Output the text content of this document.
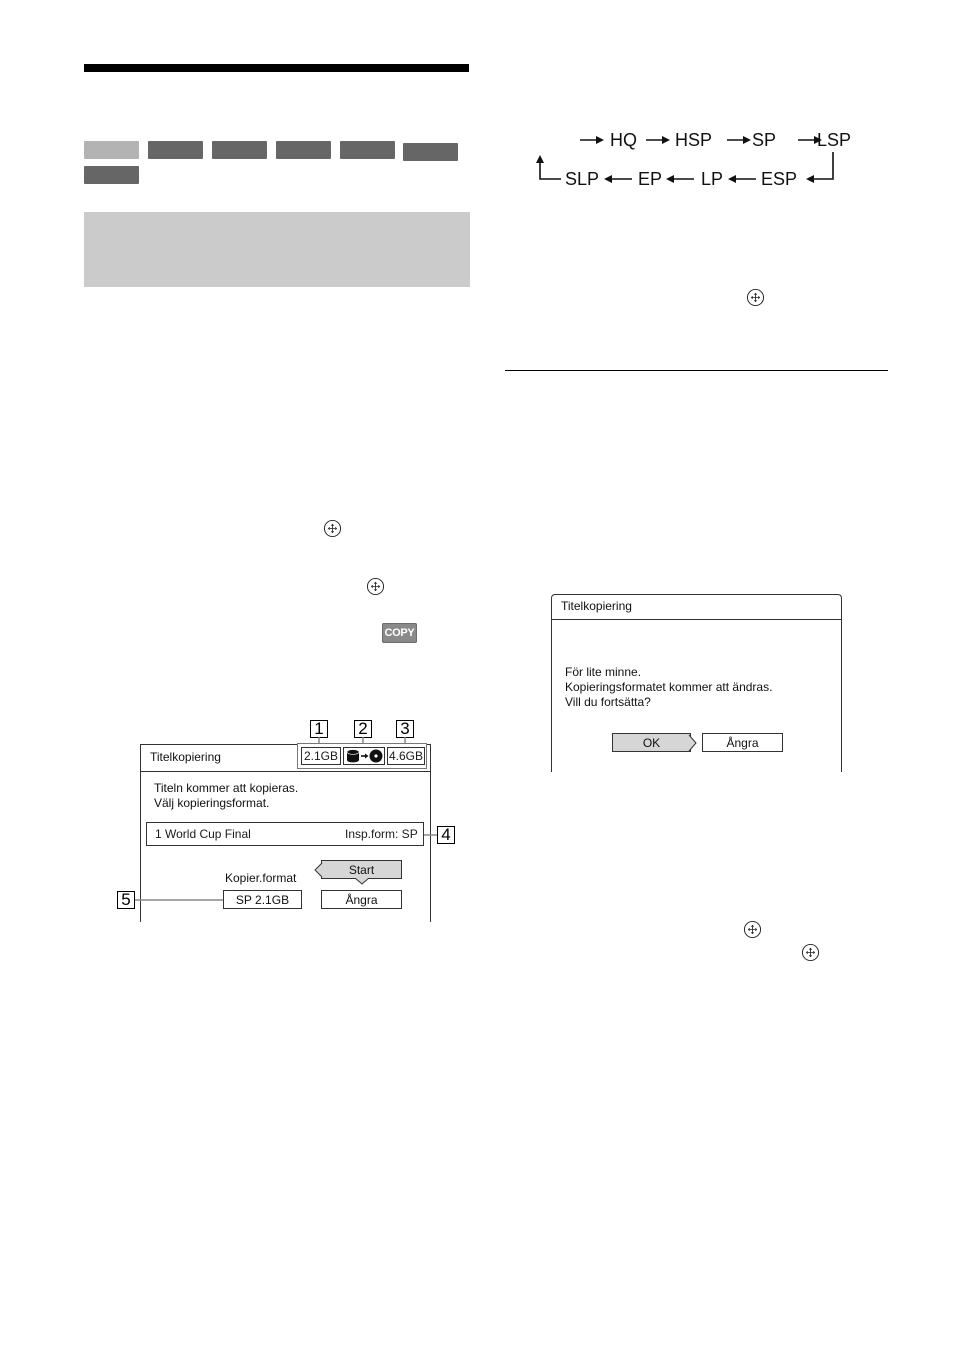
COPY
1 2 3
Titelkopiering	2.1GB	4.6GB
Titeln kommer att kopieras.
Välj kopieringsformat.
1 World Cup Final	Insp.form: SP 4
Kopier.format
SP 2.1GB
5
Start
Ångra
HQ HSP SP LSP
SLP EP LP ESP
Titelkopiering
För lite minne.
Kopieringsformatet kommer att ändras.
Vill du fortsätta?
OK	Ångra
